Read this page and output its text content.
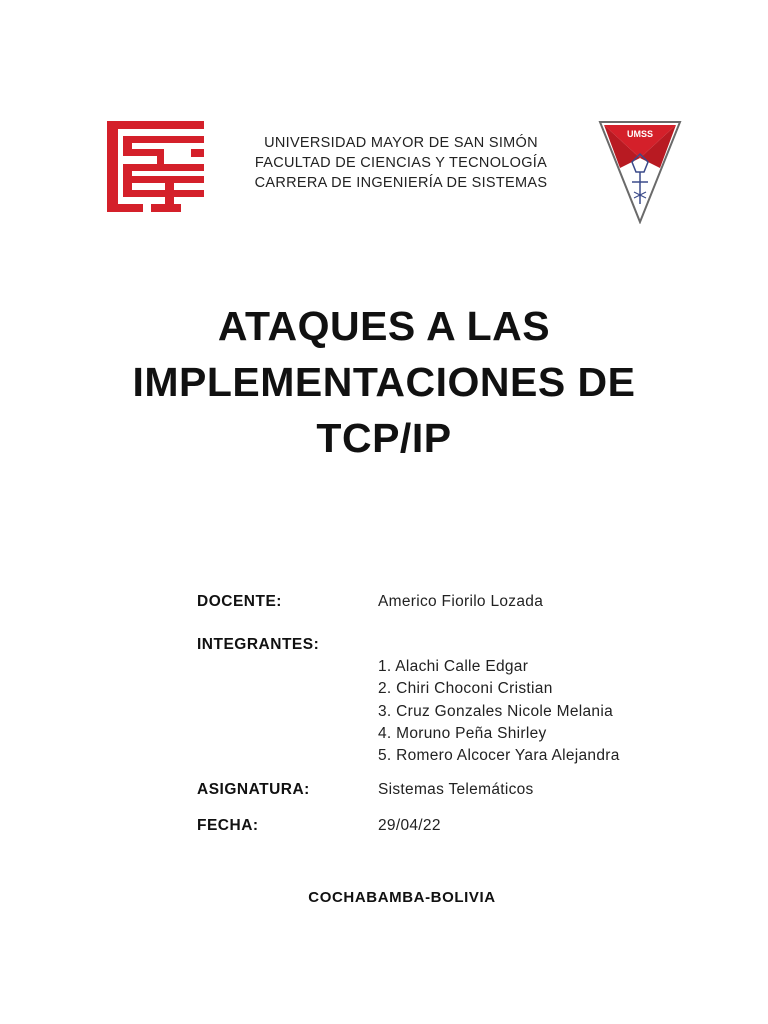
UNIVERSIDAD MAYOR DE SAN SIMÓN
FACULTAD DE CIENCIAS Y TECNOLOGÍA
CARRERA DE INGENIERÍA DE SISTEMAS
UMSS
ATAQUES A LAS
IMPLEMENTACIONES DE
TCP/IP
DOCENTE:	Americo Fiorilo Lozada
INTEGRANTES:
1. Alachi Calle Edgar
2. Chiri Choconi Cristian
3. Cruz Gonzales Nicole Melania
4. Moruno Peña Shirley
5. Romero Alcocer Yara Alejandra
ASIGNATURA:	Sistemas Telemáticos
FECHA:	29/04/22
COCHABAMBA-BOLIVIA
